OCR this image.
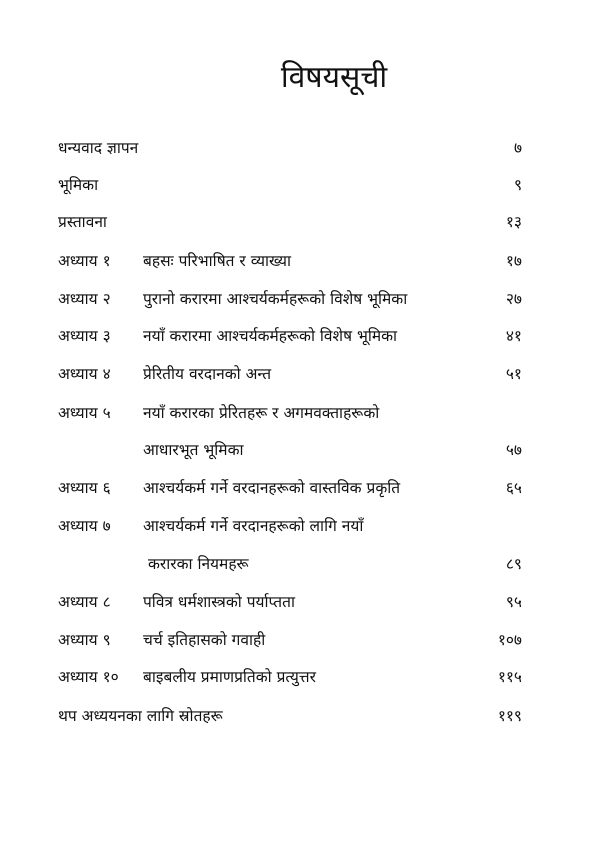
विषयसूची
धन्यवाद ज्ञापन	७
भूमिका	९
प्रस्तावना	१३
अध्याय १ बहसः परिभाषित र व्याख्या	१७
अध्याय २ पुरानो करारमा आश्चर्यकर्महरूको विशेष भूमिका	२७
अध्याय ३ नयाँ करारमा आश्चर्यकर्महरूको विशेष भूमिका	४१
अध्याय ४ प्रेरितीय वरदानको अन्त	५१
अध्याय ५ नयाँ करारका प्रेरितहरू र अगमवक्ताहरूको
आधारभूत भूमिका	५७
अध्याय ६ आश्चर्यकर्म गर्ने वरदानहरूको वास्तविक प्रकृति	६५
अध्याय ७ आश्चर्यकर्म गर्ने वरदानहरूको लागि नयाँ
करारका नियमहरू	८९
अध्याय ८ पवित्र धर्मशास्त्रको पर्याप्तता	९५
अध्याय ९ चर्च इतिहासको गवाही	१०७
अध्याय १० बाइबलीय प्रमाणप्रतिको प्रत्युत्तर	११५
थप अध्ययनका लागि स्रोतहरू	११९
